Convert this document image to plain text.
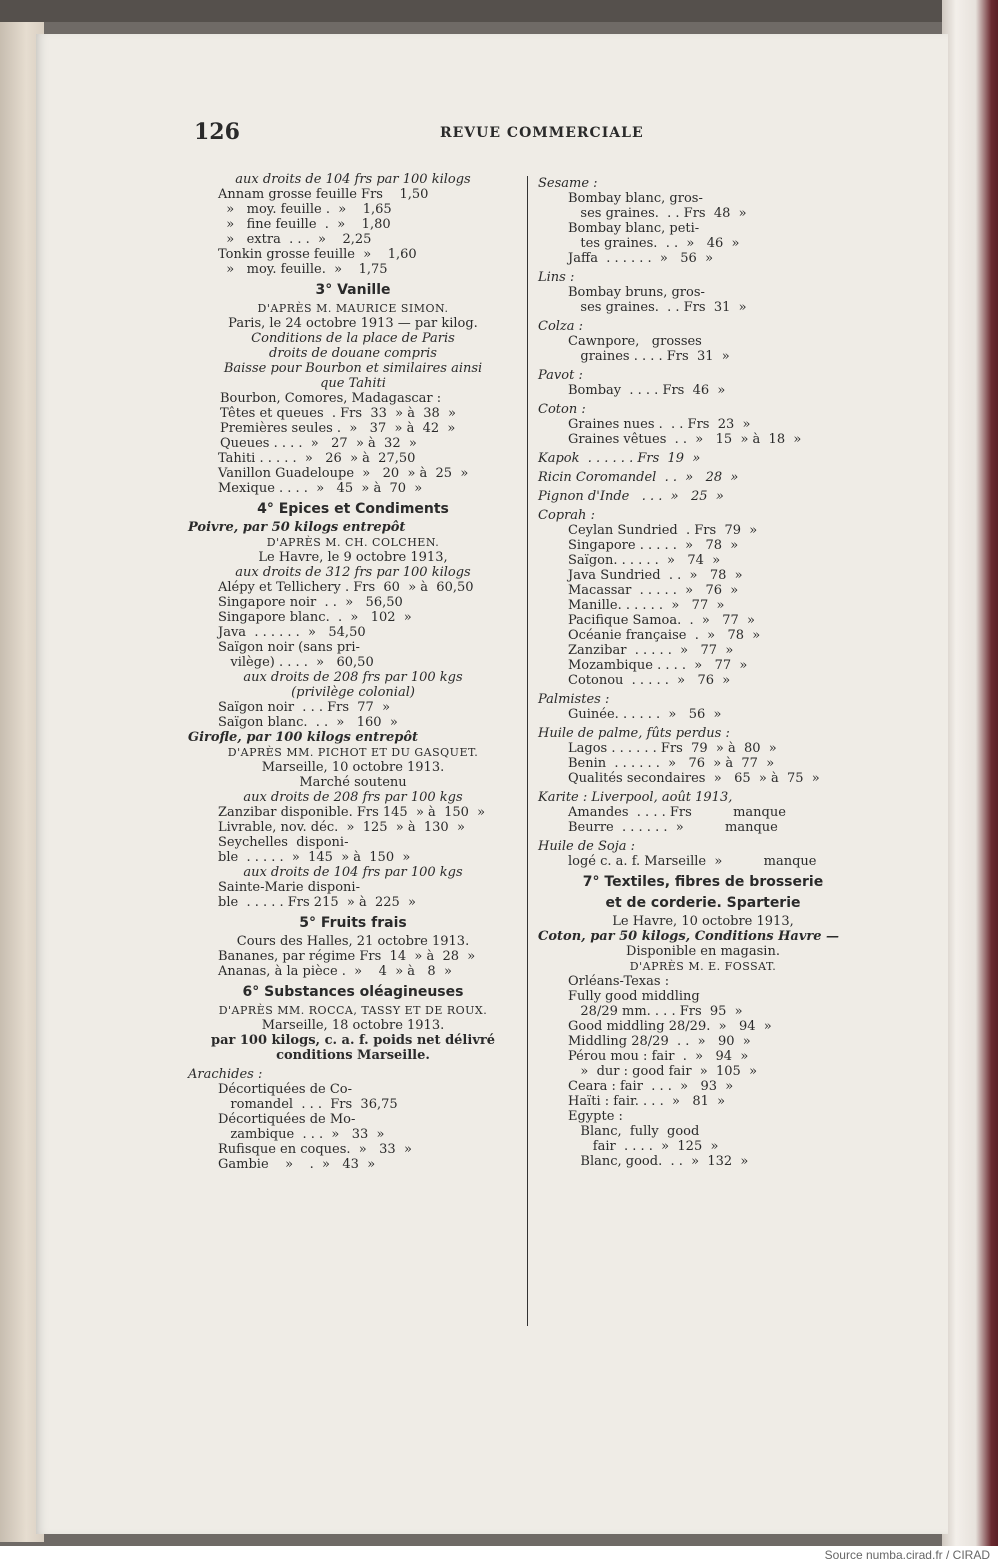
126	REVUE COMMERCIALE
aux droits de 104 frs par 100 kilogs
Annam grosse feuille Frs    1,50
»   moy. feuille .  »    1,65
»   fine feuille  .  »    1,80
»   extra  . . .  »    2,25
Tonkin grosse feuille  »    1,60
»   moy. feuille.  »    1,75
3° Vanille
D'APRÈS M. MAURICE SIMON.
Paris, le 24 octobre 1913 — par kilog.
Conditions de la place de Paris
droits de douane compris
Baisse pour Bourbon et similaires ainsi
que Tahiti
Bourbon, Comores, Madagascar :
Têtes et queues  . Frs  33  » à  38  »
Premières seules .  »   37  » à  42  »
Queues . . . .  »   27  » à  32  »
Tahiti . . . . .  »   26  » à  27,50
Vanillon Guadeloupe  »   20  » à  25  »
Mexique . . . .  »   45  » à  70  »
4° Epices et Condiments
Poivre, par 50 kilogs entrepôt
D'APRÈS M. CH. COLCHEN.
Le Havre, le 9 octobre 1913,
aux droits de 312 frs par 100 kilogs
Alépy et Tellichery . Frs  60  » à  60,50
Singapore noir  . .  »   56,50
Singapore blanc.  .  »   102  »
Java  . . . . . .  »   54,50
Saïgon noir (sans pri-
vilège) . . . .  »   60,50
aux droits de 208 frs par 100 kgs
(privilège colonial)
Saïgon noir  . . . Frs  77  »
Saïgon blanc.  . .  »   160  »
Girofle, par 100 kilogs entrepôt
D'APRÈS MM. PICHOT ET DU GASQUET.
Marseille, 10 octobre 1913.
Marché soutenu
aux droits de 208 frs par 100 kgs
Zanzibar disponible. Frs 145  » à  150  »
Livrable, nov. déc.  »  125  » à  130  »
Seychelles  disponi-
ble  . . . . .  »  145  » à  150  »
aux droits de 104 frs par 100 kgs
Sainte-Marie disponi-
ble  . . . . . Frs 215  » à  225  »
5° Fruits frais
Cours des Halles, 21 octobre 1913.
Bananes, par régime Frs  14  » à  28  »
Ananas, à la pièce .  »    4  » à   8  »
6° Substances oléagineuses
D'APRÈS MM. ROCCA, TASSY ET DE ROUX.
Marseille, 18 octobre 1913.
par 100 kilogs, c. a. f. poids net délivré
conditions Marseille.
Arachides :
Décortiquées de Co-
romandel  . . .  Frs  36,75
Décortiquées de Mo-
zambique  . . .  »   33  »
Rufisque en coques.  »   33  »
Gambie    »    .  »   43  »
Sesame :
Bombay blanc, gros-
ses graines.  . . Frs  48  »
Bombay blanc, peti-
tes graines.  . .  »   46  »
Jaffa  . . . . . .  »   56  »
Lins :
Bombay bruns, gros-
ses graines.  . . Frs  31  »
Colza :
Cawnpore,   grosses
graines . . . . Frs  31  »
Pavot :
Bombay  . . . . Frs  46  »
Coton :
Graines nues .  . . Frs  23  »
Graines vêtues  . .  »   15  » à  18  »
Kapok  . . . . . . Frs  19  »
Ricin Coromandel  . .  »   28  »
Pignon d'Inde   . . .  »   25  »
Coprah :
Ceylan Sundried  . Frs  79  »
Singapore . . . . .  »   78  »
Saïgon. . . . . .  »   74  »
Java Sundried  . .  »   78  »
Macassar  . . . . .  »   76  »
Manille. . . . . .  »   77  »
Pacifique Samoa.  .  »   77  »
Océanie française  .  »   78  »
Zanzibar  . . . . .  »   77  »
Mozambique . . . .  »   77  »
Cotonou  . . . . .  »   76  »
Palmistes :
Guinée. . . . . .  »   56  »
Huile de palme, fûts perdus :
Lagos . . . . . . Frs  79  » à  80  »
Benin  . . . . . .  »   76  » à  77  »
Qualités secondaires  »   65  » à  75  »
Karite : Liverpool, août 1913,
Amandes  . . . . Frs          manque
Beurre  . . . . . .  »          manque
Huile de Soja :
logé c. a. f. Marseille  »          manque
7° Textiles, fibres de brosserie
et de corderie. Sparterie
Le Havre, 10 octobre 1913,
Coton, par 50 kilogs, Conditions Havre —
Disponible en magasin.
D'APRÈS M. E. FOSSAT.
Orléans-Texas :
Fully good middling
28/29 mm. . . . Frs  95  »
Good middling 28/29.  »   94  »
Middling 28/29  . .  »   90  »
Pérou mou : fair  .  »   94  »
»  dur : good fair  »  105  »
Ceara : fair  . . .  »   93  »
Haïti : fair. . . .  »   81  »
Egypte :
Blanc,  fully  good
fair  . . . .  »  125  »
Blanc, good.  . .  »  132  »
Source numba.cirad.fr / CIRAD
